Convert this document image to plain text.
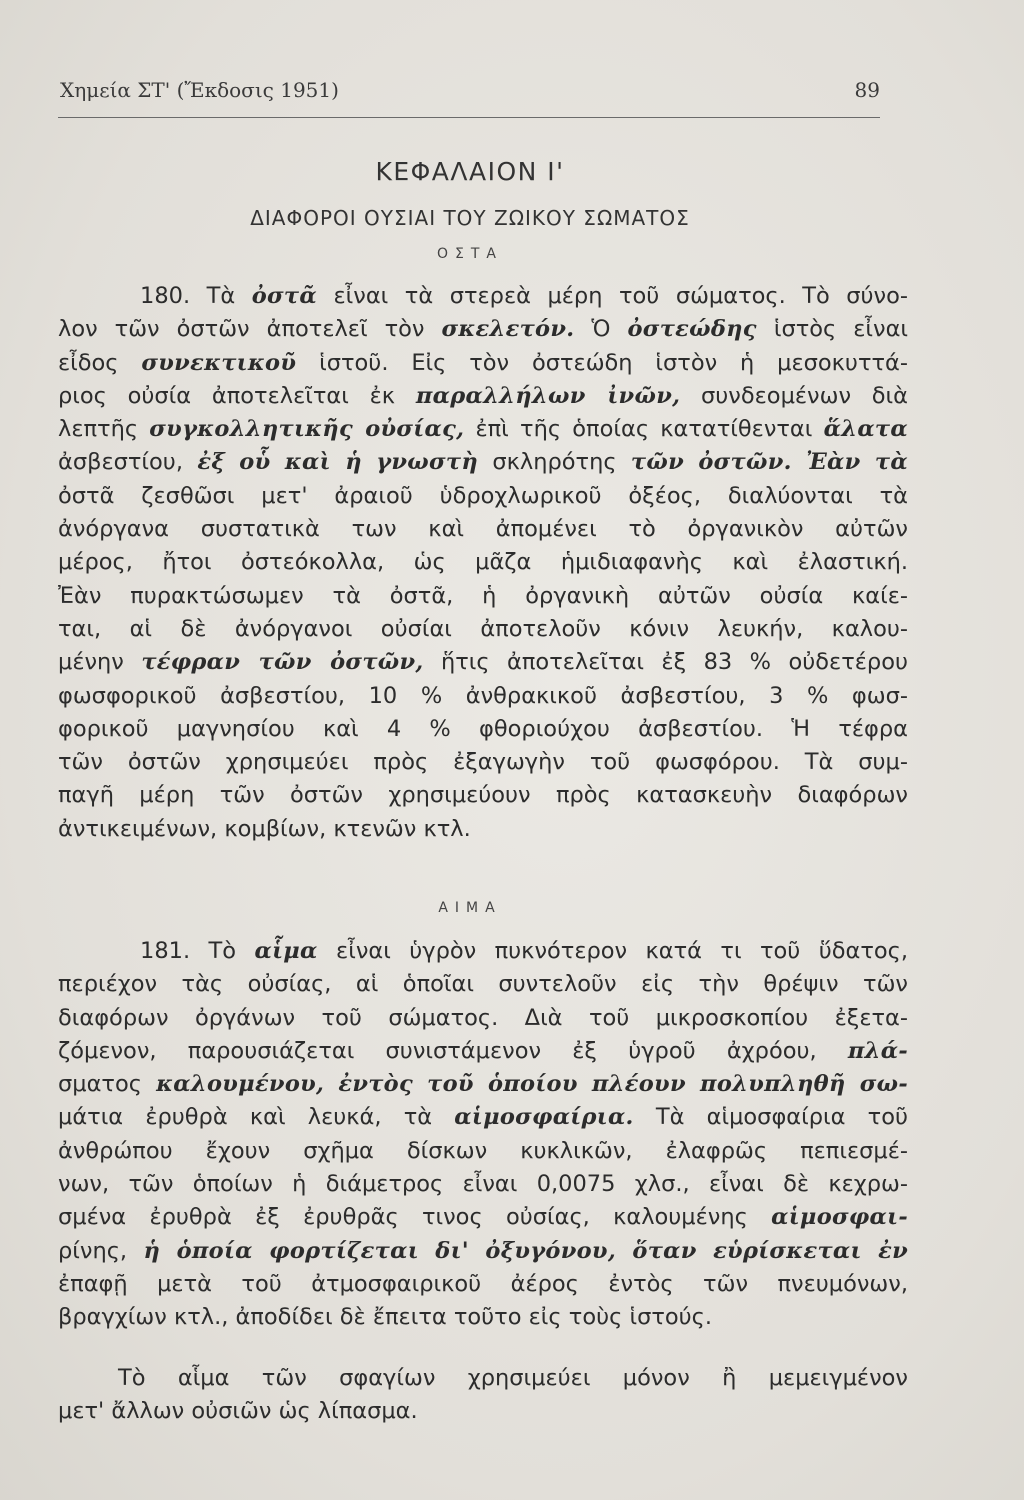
Χημεία ΣΤ' (Ἔκδοσις 1951)	89
ΚΕΦΑΛΑΙΟΝ Ι'
ΔΙΑΦΟΡΟΙ ΟΥΣΙΑΙ ΤΟΥ ΖΩΙΚΟΥ ΣΩΜΑΤΟΣ
ΟΣΤΑ
180. Τὰ ὀστᾶ εἶναι τὰ στερεὰ μέρη τοῦ σώματος. Τὸ σύνο-
λον τῶν ὀστῶν ἀποτελεῖ τὸν σκελετόν. Ὁ ὀστεώδης ἱστὸς εἶναι
εἶδος συνεκτικοῦ ἱστοῦ. Εἰς τὸν ὀστεώδη ἱστὸν ἡ μεσοκυττά-
ριος οὐσία ἀποτελεῖται ἐκ παραλλήλων ἰνῶν, συνδεομένων διὰ
λεπτῆς συγκολλητικῆς οὐσίας, ἐπὶ τῆς ὁποίας κατατίθενται ἅλατα
ἀσβεστίου, ἐξ οὗ καὶ ἡ γνωστὴ σκληρότης τῶν ὀστῶν. Ἐὰν τὰ
ὀστᾶ ζεσθῶσι μετ' ἀραιοῦ ὑδροχλωρικοῦ ὀξέος, διαλύονται τὰ
ἀνόργανα συστατικὰ των καὶ ἀπομένει τὸ ὀργανικὸν αὐτῶν
μέρος, ἤτοι ὀστεόκολλα, ὡς μᾶζα ἡμιδιαφανὴς καὶ ἐλαστική.
Ἐὰν πυρακτώσωμεν τὰ ὀστᾶ, ἡ ὀργανικὴ αὐτῶν οὐσία καίε-
ται, αἱ δὲ ἀνόργανοι οὐσίαι ἀποτελοῦν κόνιν λευκήν, καλου-
μένην τέφραν τῶν ὀστῶν, ἥτις ἀποτελεῖται ἐξ 83 % οὐδετέρου
φωσφορικοῦ ἀσβεστίου, 10 % ἀνθρακικοῦ ἀσβεστίου, 3 % φωσ-
φορικοῦ μαγνησίου καὶ 4 % φθοριούχου ἀσβεστίου. Ἡ τέφρα
τῶν ὀστῶν χρησιμεύει πρὸς ἐξαγωγὴν τοῦ φωσφόρου. Τὰ συμ-
παγῆ μέρη τῶν ὀστῶν χρησιμεύουν πρὸς κατασκευὴν διαφόρων
ἀντικειμένων, κομβίων, κτενῶν κτλ.
ΑΙΜΑ
181. Τὸ αἷμα εἶναι ὑγρὸν πυκνότερον κατά τι τοῦ ὕδατος,
περιέχον τὰς οὐσίας, αἱ ὁποῖαι συντελοῦν εἰς τὴν θρέψιν τῶν
διαφόρων ὀργάνων τοῦ σώματος. Διὰ τοῦ μικροσκοπίου ἐξετα-
ζόμενον, παρουσιάζεται συνιστάμενον ἐξ ὑγροῦ ἀχρόου, πλά-
σματος καλουμένου, ἐντὸς τοῦ ὁποίου πλέουν πολυπληθῆ σω-
μάτια ἐρυθρὰ καὶ λευκά, τὰ αἱμοσφαίρια. Τὰ αἱμοσφαίρια τοῦ
ἀνθρώπου ἔχουν σχῆμα δίσκων κυκλικῶν, ἐλαφρῶς πεπιεσμέ-
νων, τῶν ὁποίων ἡ διάμετρος εἶναι 0,0075 χλσ., εἶναι δὲ κεχρω-
σμένα ἐρυθρὰ ἐξ ἐρυθρᾶς τινος οὐσίας, καλουμένης αἱμοσφαι-
ρίνης, ἡ ὁποία φορτίζεται δι' ὀξυγόνου, ὅταν εὑρίσκεται ἐν
ἐπαφῇ μετὰ τοῦ ἀτμοσφαιρικοῦ ἀέρος ἐντὸς τῶν πνευμόνων,
βραγχίων κτλ., ἀποδίδει δὲ ἔπειτα τοῦτο εἰς τοὺς ἱστούς.
Τὸ αἷμα τῶν σφαγίων χρησιμεύει μόνον ἢ μεμειγμένον
μετ' ἄλλων οὐσιῶν ὡς λίπασμα.
